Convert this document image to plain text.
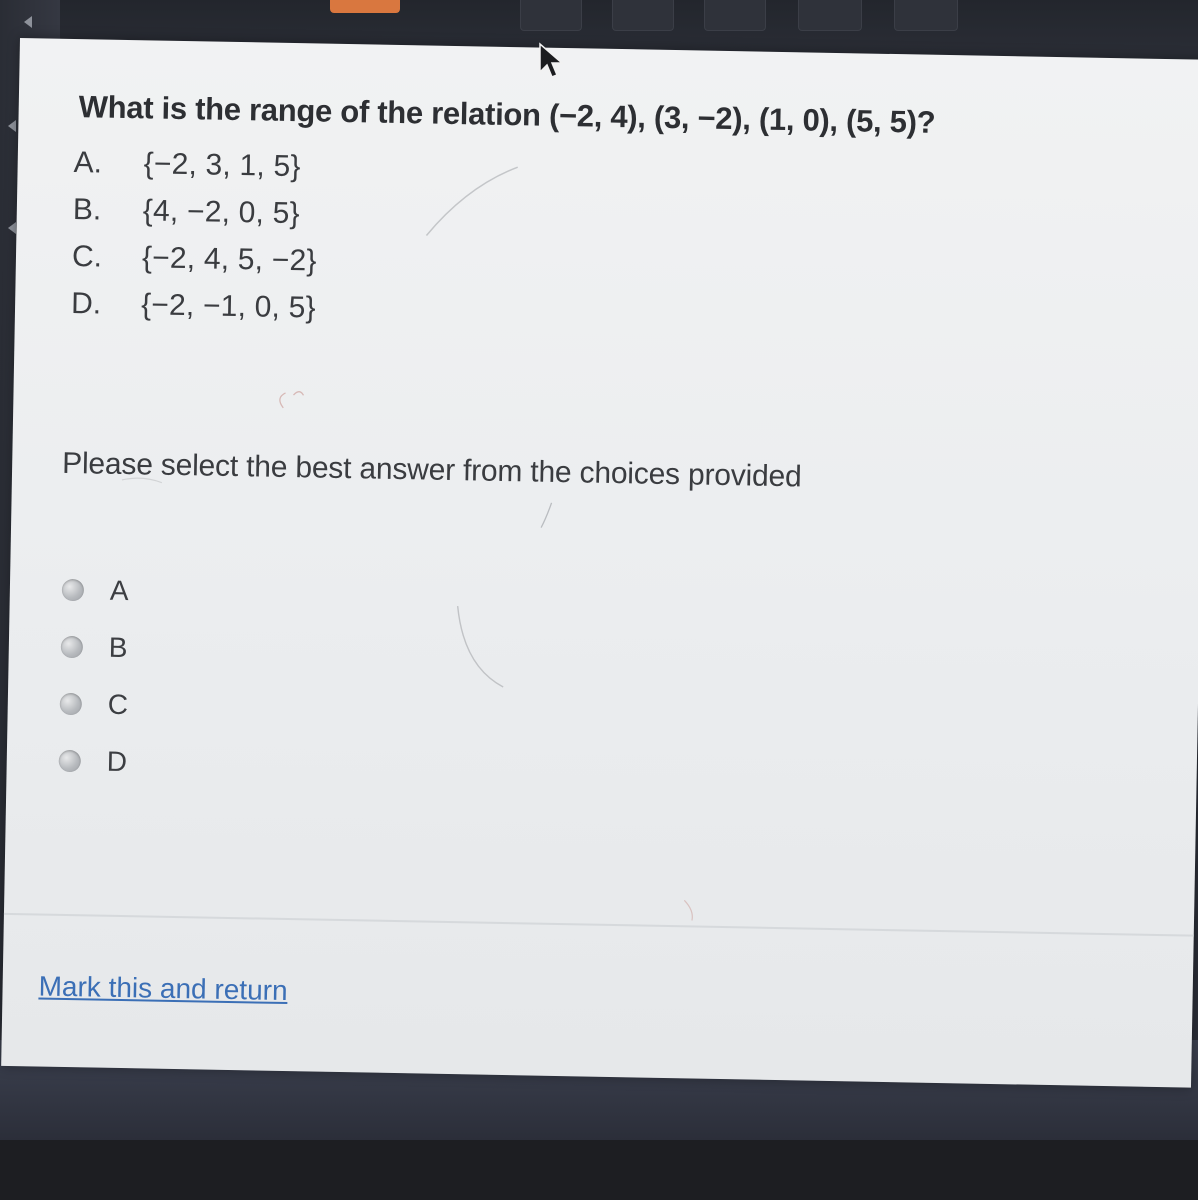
What is the range of the relation (−2, 4), (3, −2), (1, 0), (5, 5)?

A.	{−2, 3, 1, 5}
B.	{4, −2, 0, 5}
C.	{−2, 4, 5, −2}
D.	{−2, −1, 0, 5}

Please select the best answer from the choices provided

A
B
C
D
Mark this and return
